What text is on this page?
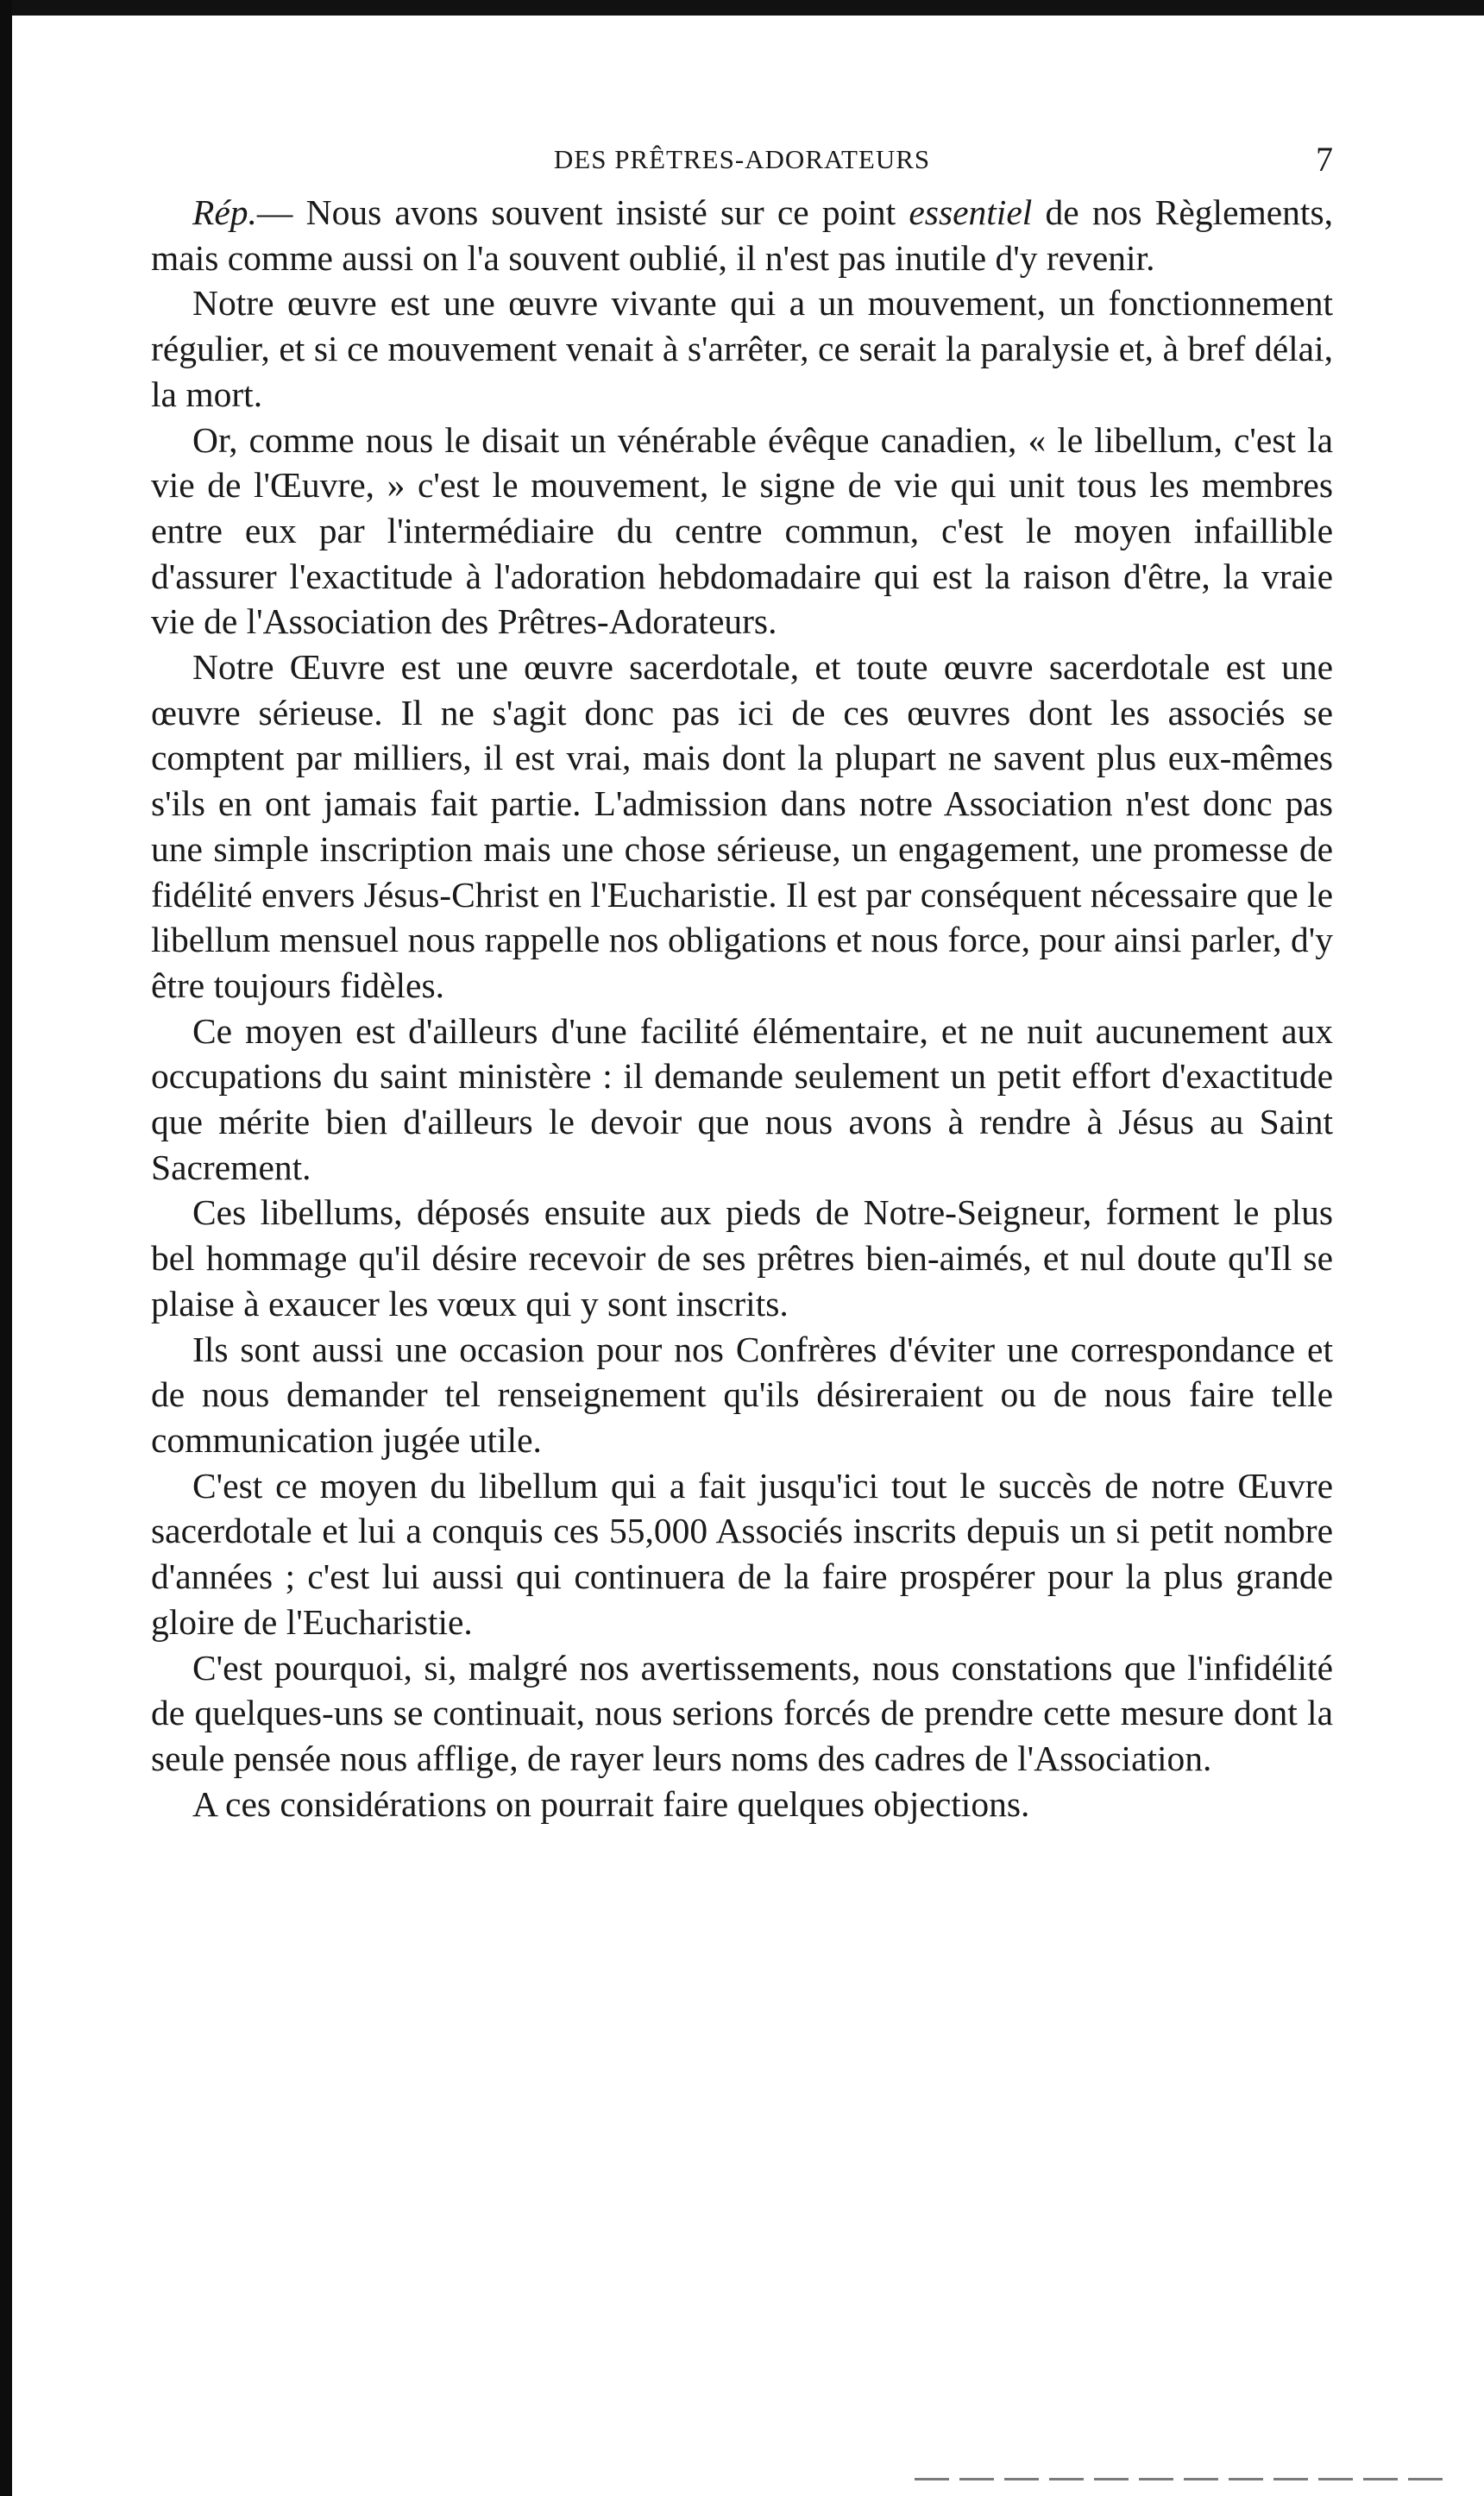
DES PRÊTRES-ADORATEURS	7

Rép.— Nous avons souvent insisté sur ce point essentiel de nos Règlements, mais comme aussi on l'a souvent oublié, il n'est pas inutile d'y revenir.

Notre œuvre est une œuvre vivante qui a un mouvement, un fonctionnement régulier, et si ce mouvement venait à s'arrêter, ce serait la paralysie et, à bref délai, la mort.

Or, comme nous le disait un vénérable évêque canadien, « le libellum, c'est la vie de l'Œuvre, » c'est le mouvement, le signe de vie qui unit tous les membres entre eux par l'intermédiaire du centre commun, c'est le moyen infaillible d'assurer l'exactitude à l'adoration hebdomadaire qui est la raison d'être, la vraie vie de l'Association des Prêtres-Adorateurs.

Notre Œuvre est une œuvre sacerdotale, et toute œuvre sacerdotale est une œuvre sérieuse. Il ne s'agit donc pas ici de ces œuvres dont les associés se comptent par milliers, il est vrai, mais dont la plupart ne savent plus eux-mêmes s'ils en ont jamais fait partie. L'admission dans notre Association n'est donc pas une simple inscription mais une chose sérieuse, un engagement, une promesse de fidélité envers Jésus-Christ en l'Eucharistie. Il est par conséquent nécessaire que le libellum mensuel nous rappelle nos obligations et nous force, pour ainsi parler, d'y être toujours fidèles.

Ce moyen est d'ailleurs d'une facilité élémentaire, et ne nuit aucunement aux occupations du saint ministère : il demande seulement un petit effort d'exactitude que mérite bien d'ailleurs le devoir que nous avons à rendre à Jésus au Saint Sacrement.

Ces libellums, déposés ensuite aux pieds de Notre-Seigneur, forment le plus bel hommage qu'il désire recevoir de ses prêtres bien-aimés, et nul doute qu'Il se plaise à exaucer les vœux qui y sont inscrits.

Ils sont aussi une occasion pour nos Confrères d'éviter une correspondance et de nous demander tel renseignement qu'ils désireraient ou de nous faire telle communication jugée utile.

C'est ce moyen du libellum qui a fait jusqu'ici tout le succès de notre Œuvre sacerdotale et lui a conquis ces 55,000 Associés inscrits depuis un si petit nombre d'années ; c'est lui aussi qui continuera de la faire prospérer pour la plus grande gloire de l'Eucharistie.

C'est pourquoi, si, malgré nos avertissements, nous constations que l'infidélité de quelques-uns se continuait, nous serions forcés de prendre cette mesure dont la seule pensée nous afflige, de rayer leurs noms des cadres de l'Association.

A ces considérations on pourrait faire quelques objections.
